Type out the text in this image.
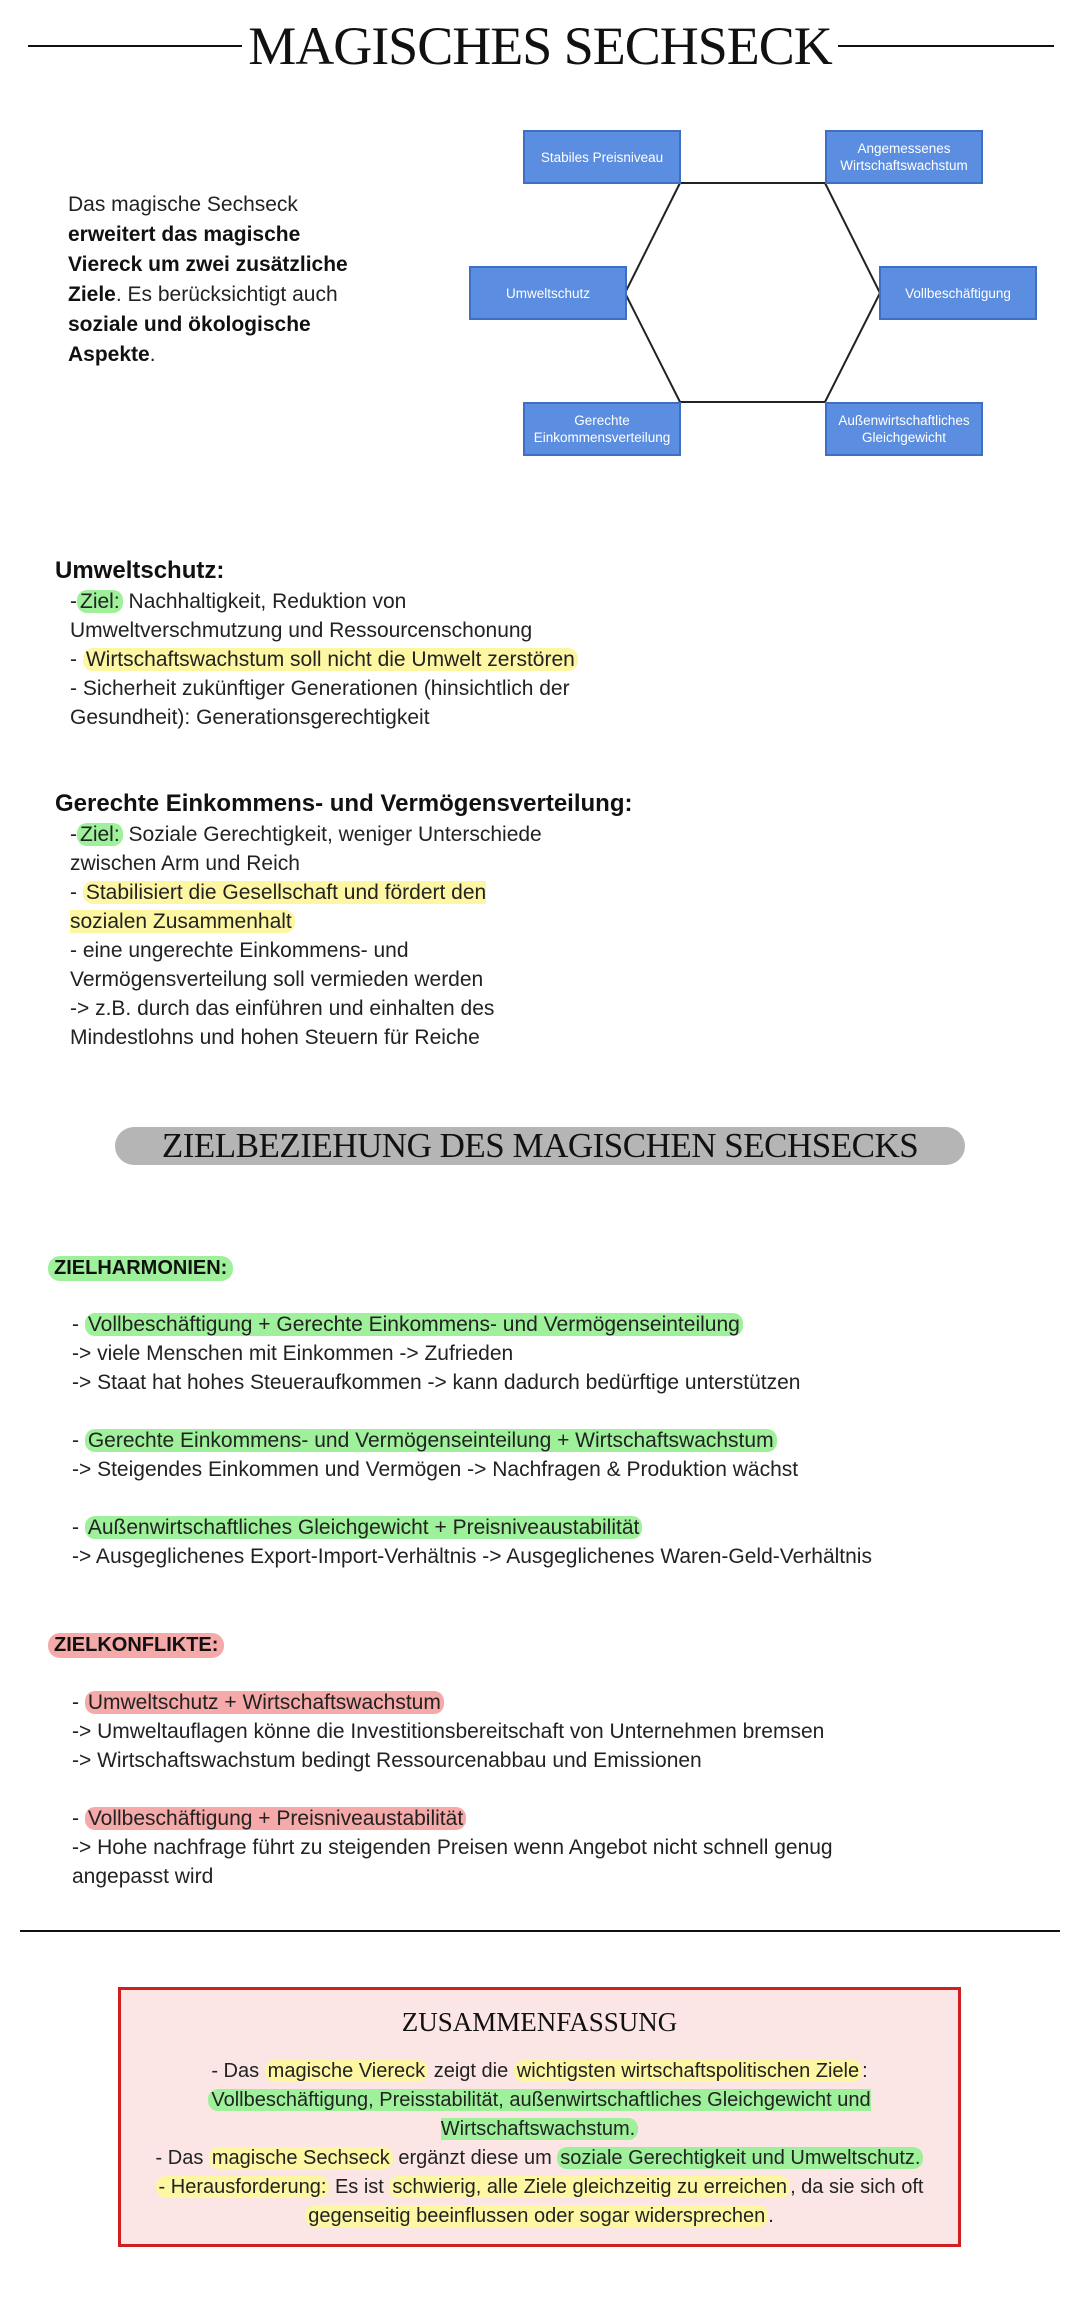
MAGISCHES SECHSECK
Das magische Sechseck erweitert das magische Viereck um zwei zusätzliche Ziele. Es berücksichtigt auch soziale und ökologische Aspekte.
Stabiles Preisniveau
Angemessenes Wirtschaftswachstum
Umweltschutz	Vollbeschäftigung
Gerechte Einkommensverteilung
Außenwirtschaftliches Gleichgewicht
Umweltschutz:
- Ziel: Nachhaltigkeit, Reduktion von Umweltverschmutzung und Ressourcenschonung
- Wirtschaftswachstum soll nicht die Umwelt zerstören
- Sicherheit zukünftiger Generationen (hinsichtlich der Gesundheit): Generationsgerechtigkeit
Gerechte Einkommens- und Vermögensverteilung:
- Ziel: Soziale Gerechtigkeit, weniger Unterschiede zwischen Arm und Reich
- Stabilisiert die Gesellschaft und fördert den sozialen Zusammenhalt
- eine ungerechte Einkommens- und Vermögensverteilung soll vermieden werden
-> z.B. durch das einführen und einhalten des Mindestlohns und hohen Steuern für Reiche
ZIELBEZIEHUNG DES MAGISCHEN SECHSECKS
ZIELHARMONIEN:
- Vollbeschäftigung + Gerechte Einkommens- und Vermögenseinteilung
-> viele Menschen mit Einkommen -> Zufrieden
-> Staat hat hohes Steueraufkommen -> kann dadurch bedürftige unterstützen
- Gerechte Einkommens- und Vermögenseinteilung + Wirtschaftswachstum
-> Steigendes Einkommen und Vermögen -> Nachfragen & Produktion wächst
- Außenwirtschaftliches Gleichgewicht + Preisniveaustabilität
-> Ausgeglichenes Export-Import-Verhältnis -> Ausgeglichenes Waren-Geld-Verhältnis
ZIELKONFLIKTE:
- Umweltschutz + Wirtschaftswachstum
-> Umweltauflagen könne die Investitionsbereitschaft von Unternehmen bremsen
-> Wirtschaftswachstum bedingt Ressourcenabbau und Emissionen
- Vollbeschäftigung + Preisniveaustabilität
-> Hohe nachfrage führt zu steigenden Preisen wenn Angebot nicht schnell genug angepasst wird
ZUSAMMENFASSUNG
- Das magische Viereck zeigt die wichtigsten wirtschaftspolitischen Ziele :
Vollbeschäftigung, Preisstabilität, außenwirtschaftliches Gleichgewicht und Wirtschaftswachstum.
- Das magische Sechseck ergänzt diese um soziale Gerechtigkeit und Umweltschutz.
- Herausforderung: Es ist schwierig, alle Ziele gleichzeitig zu erreichen , da sie sich oft gegenseitig beeinflussen oder sogar widersprechen .
